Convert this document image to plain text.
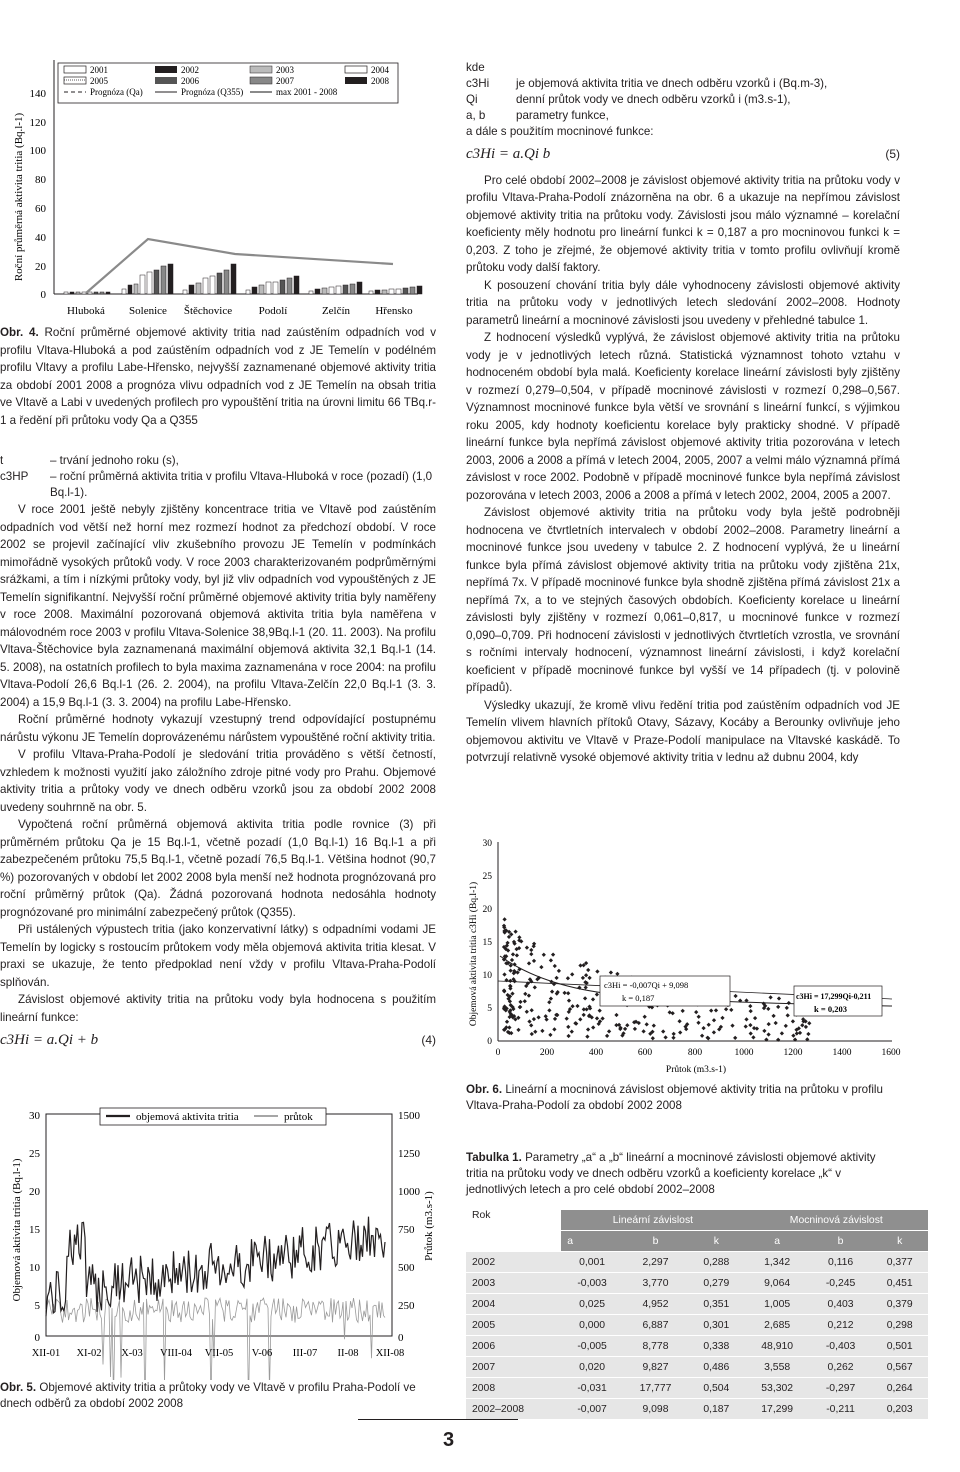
Roční průměrná aktivita tritia (Bq.l-1)
0
20
40
60
80
100
120
140
2001	2002	2003	2004
2005	2006	2007	2008
Prognóza (Qa)	Prognóza (Q355)	max 2001 - 2008
Hluboká Solenice Štěchovice Podolí	Zelčín Hřensko

Obr. 4. Roční průměrné objemové aktivity tritia nad zaústěním odpadních vod v profilu Vltava-Hluboká a pod zaústěním odpadních vod z JE Temelín v podélném profilu Vltavy a profilu Labe-Hřensko, nejvyšší zaznamenané objemové aktivity tritia za období 2001 2008 a prognóza vlivu odpadních vod z JE Temelín na obsah tritia ve Vltavě a Labi v uvedených profilech pro vypouštění tritia na úrovni limitu 66 TBq.r-1 a ředění při průtoku vody Qa a Q355

t	– trvání jednoho roku (s),
c3HP	– roční průměrná aktivita tritia v profilu Vltava-Hluboká v roce (pozadí) (1,0 Bq.l-1).

V roce 2001 ještě nebyly zjištěny koncentrace tritia ve Vltavě pod zaústěním odpadních vod větší než horní mez rozmezí hodnot za předchozí období. V roce 2002 se projevil začínající vliv zkušebního provozu JE Temelín v podmínkách mimořádně vysokých průtoků vody. V roce 2003 charakterizovaném podprůměrnými srážkami, a tím i nízkými průtoky vody, byl již vliv odpadních vod vypouštěných z JE Temelín signifikantní. Nejvyšší roční průměrné objemové aktivity tritia byly naměřeny v roce 2008. Maximální pozorovaná objemová aktivita tritia byla naměřena v málovodném roce 2003 v profilu Vltava-Solenice 38,9Bq.l-1 (20. 11. 2003). Na profilu Vltava-Štěchovice byla zaznamenaná maximální objemová aktivita 32,1 Bq.l-1 (14. 5. 2008), na ostatních profilech to byla maxima zaznamenána v roce 2004: na profilu Vltava-Podolí 26,6 Bq.l-1 (26. 2. 2004), na profilu Vltava-Zelčín 22,0 Bq.l-1 (3. 3. 2004) a 15,9 Bq.l-1 (3. 3. 2004) na profilu Labe-Hřensko.

Roční průměrné hodnoty vykazují vzestupný trend odpovídající postupnému nárůstu výkonu JE Temelín doprovázenému nárůstem vypouštěné roční aktivity tritia.

V profilu Vltava-Praha-Podolí je sledování tritia prováděno s větší četností, vzhledem k možnosti využití jako záložního zdroje pitné vody pro Prahu. Objemové aktivity tritia a průtoky vody ve dnech odběru vzorků jsou za období 2002 2008 uvedeny souhrnně na obr. 5.

Vypočtená roční průměrná objemová aktivita tritia podle rovnice (3) při průměrném průtoku Qa je 15 Bq.l-1, včetně pozadí (1,0 Bq.l-1) 16 Bq.l-1 a při zabezpečeném průtoku 75,5 Bq.l-1, včetně pozadí 76,5 Bq.l-1. Většina hodnot (90,7 %) pozorovaných v období let 2002 2008 byla menší než hodnota prognózovaná pro roční průměrný průtok (Qa). Žádná pozorovaná hodnota nedosáhla hodnoty prognózované pro minimální zabezpečený průtok (Q355).

Při ustálených výpustech tritia (jako konzervativní látky) s odpadními vodami JE Temelín by logicky s rostoucím průtokem vody měla objemová aktivita tritia klesat. V praxi se ukazuje, že tento předpoklad není vždy v profilu Vltava-Praha-Podolí splňován.

Závislost objemové aktivity tritia na průtoku vody byla hodnocena s použitím lineární funkce:

c3Hi = a.Qi + b	(4)
Objemová aktivita tritia (Bq.l-1)	Průtok (m3.s-1)
0
5
10
15
20
25
30
0
250
500
750
1000
1250
1500
objemová aktivita tritia	průtok
XII-01 XI-02 X-03 VIII-04 VII-05 V-06 III-07 II-08 XII-08
Obr. 5. Objemové aktivity tritia a průtoky vody ve Vltavě v profilu Praha-Podolí ve dnech odběrů za období 2002 2008
kde
c3Hi	je objemová aktivita tritia ve dnech odběru vzorků i (Bq.m-3),
Qi	denní průtok vody ve dnech odběru vzorků i (m3.s-1),
a, b	parametry funkce,
a dále s použitím mocninové funkce:
c3Hi = a.Qi b	(5)

Pro celé období 2002–2008 je závislost objemové aktivity tritia na průtoku vody v profilu Vltava-Praha-Podolí znázorněna na obr. 6 a ukazuje na nepřímou závislost objemové aktivity tritia na průtoku vody. Závislosti jsou málo významné – korelační koeficienty měly hodnotu pro lineární funkci k = 0,187 a pro mocninovou funkci k = 0,203. Z toho je zřejmé, že objemové aktivity tritia v tomto profilu ovlivňují kromě průtoku vody další faktory.

K posouzení chování tritia byly dále vyhodnoceny závislosti objemové aktivity tritia na průtoku vody v jednotlivých letech sledování 2002–2008. Hodnoty parametrů lineární a mocninové závislosti jsou uvedeny v přehledné tabulce 1.

Z hodnocení výsledků vyplývá, že závislost objemové aktivity tritia na průtoku vody je v jednotlivých letech různá. Statistická významnost tohoto vztahu v hodnoceném období byla malá. Koeficienty korelace lineární závislosti byly zjištěny v rozmezí 0,279–0,504, v případě mocninové závislosti v rozmezí 0,298–0,567. Významnost mocninové funkce byla větší ve srovnání s lineární funkcí, s výjimkou roku 2005, kdy hodnoty koeficientu korelace byly prakticky shodné. V případě lineární funkce byla nepřímá závislost objemové aktivity tritia pozorována v letech 2003, 2006 a 2008 a přímá v letech 2004, 2005, 2007 a velmi málo významná přímá závislost v roce 2002. Podobně v případě mocninové funkce byla nepřímá závislost pozorována v letech 2003, 2006 a 2008 a přímá v letech 2002, 2004, 2005 a 2007.

Závislost objemové aktivity tritia na průtoku vody byla ještě podrobněji hodnocena ve čtvrtletních intervalech v období 2002–2008. Parametry lineární a mocninové funkce jsou uvedeny v tabulce 2. Z hodnocení vyplývá, že u lineární funkce byla přímá závislost objemové aktivity tritia na průtoku vody zjištěna 21x, nepřímá 7x. V případě mocninové funkce byla shodně zjištěna přímá závislost 21x a nepřímá 7x, a to ve stejných časových obdobích. Koeficienty korelace u lineární závislosti byly zjištěny v rozmezí 0,061–0,817, u mocninové funkce v rozmezí 0,090–0,709. Při hodnocení závislosti v jednotlivých čtvrtletích vzrostla, ve srovnání s ročními intervaly hodnocení, významnost lineární závislosti, i když korelační koeficient v případě mocninové funkce byl vyšší ve 14 případech (tj. v polovině případů).

Výsledky ukazují, že kromě vlivu ředění tritia pod zaústěním odpadních vod JE Temelín vlivem hlavních přítoků Otavy, Sázavy, Kocáby a Berounky ovlivňuje jeho objemovou aktivitu ve Vltavě v Praze-Podolí manipulace na Vltavské kaskádě. To potvrzují relativně vysoké objemové aktivity tritia v lednu až dubnu 2004, kdy

Objemová aktivita tritia c3Hi (Bq.l-1)
0
5
10
15
20
25
30
c3Hi = -0,007Qi + 9,098
k = 0,187	c3Hi = 17,299Qi-0,211
k = 0,203
0	200	400	600	800	1000	1200	1400	1600
Průtok (m3.s-1)
Obr. 6. Lineární a mocninová závislost objemové aktivity tritia na průtoku v profilu Vltava-Praha-Podolí za období 2002 2008
Tabulka 1. Parametry „a“ a „b“ lineární a mocninové závislosti objemové aktivity tritia na průtoku vody ve dnech odběru vzorků a koeficienty korelace „k“ v jednotlivých letech a pro celé období 2002–2008
Rok	Lineární závislost			Mocninová závislost		
	a	b	k	a	b	k
2002	0,001	2,297	0,288	1,342	0,116	0,377
2003	-0,003	3,770	0,279	9,064	-0,245	0,451
2004	0,025	4,952	0,351	1,005	0,403	0,379
2005	0,000	6,887	0,301	2,685	0,212	0,298
2006	-0,005	8,778	0,338	48,910	-0,403	0,501
2007	0,020	9,827	0,486	3,558	0,262	0,567
2008	-0,031	17,777	0,504	53,302	-0,297	0,264
2002–2008	-0,007	9,098	0,187	17,299	-0,211	0,203
3
